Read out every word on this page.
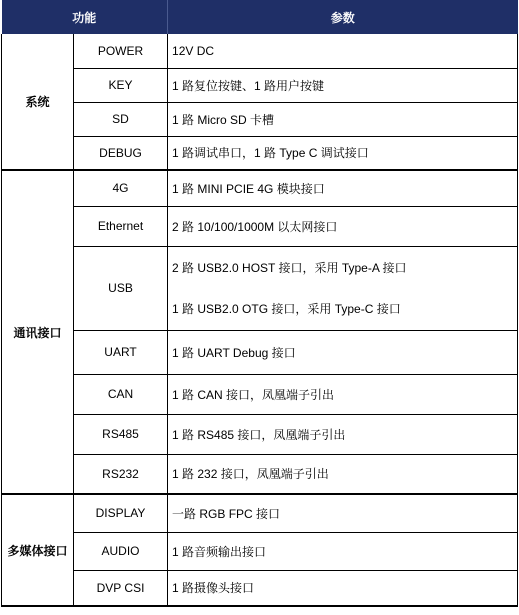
功能		参数
系统	POWER	12V DC
	KEY	1 路复位按键、1 路用户按键
	SD	1 路 Micro SD 卡槽
	DEBUG	1 路调试串口，1 路 Type C 调试接口
通讯接口	4G	1 路 MINI PCIE 4G 模块接口
	Ethernet	2 路 10/100/1000M 以太网接口
	USB	2 路 USB2.0 HOST 接口，采用 Type-A 接口
1 路 USB2.0 OTG 接口，采用 Type-C 接口

	UART	1 路 UART Debug 接口
	CAN	1 路 CAN 接口，凤凰端子引出
	RS485	1 路 RS485 接口，凤凰端子引出
	RS232	1 路 232 接口，凤凰端子引出
多媒体接口	DISPLAY	一路 RGB FPC 接口
	AUDIO	1 路音频输出接口
	DVP CSI	1 路摄像头接口
